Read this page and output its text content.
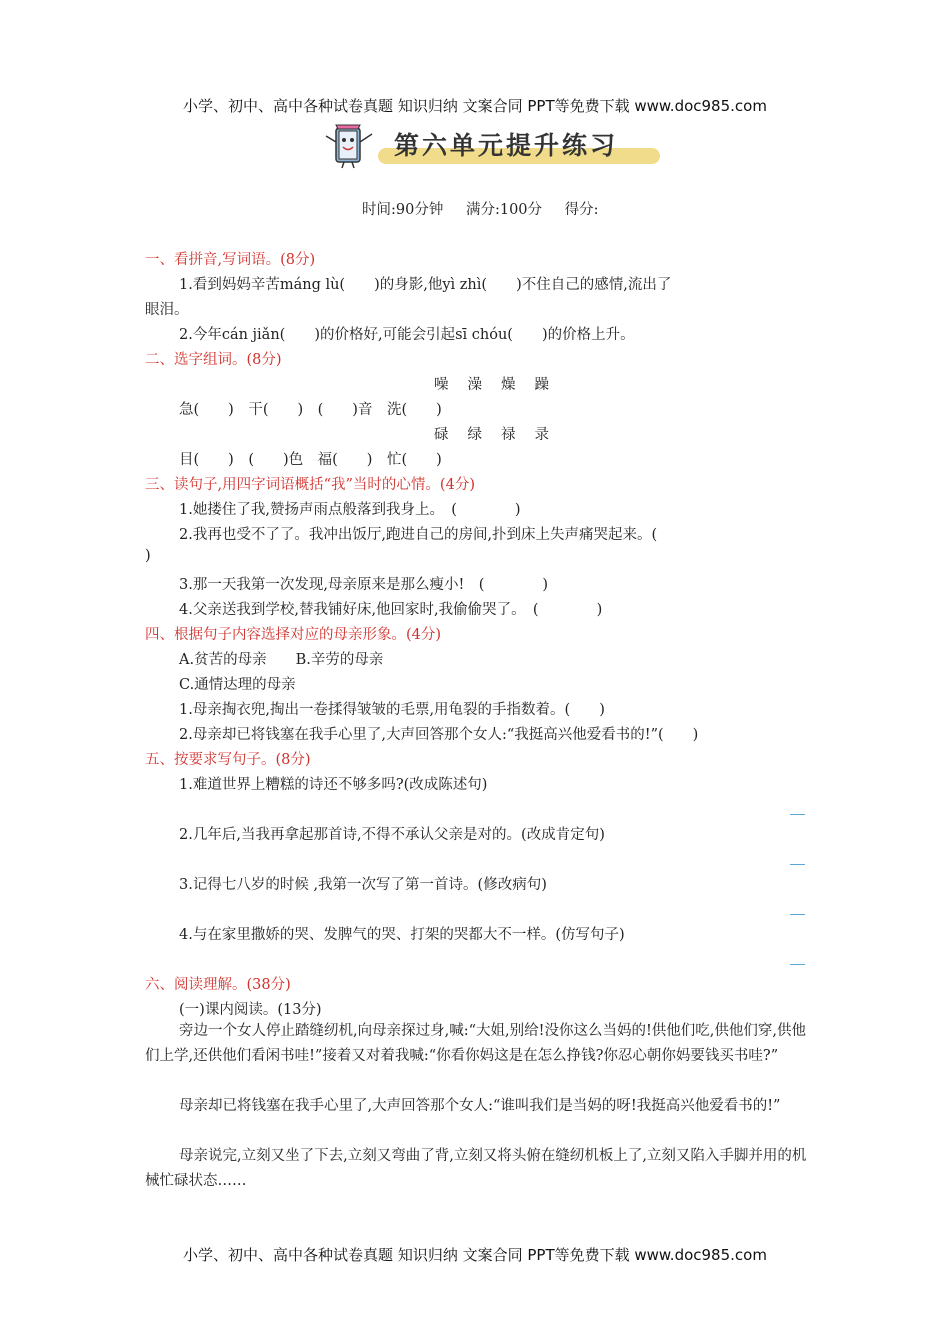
小学、初中、高中各种试卷真题 知识归纳 文案合同 PPT等免费下载 www.doc985.com
第六单元提升练习
时间:90分钟 满分:100分 得分:
一、看拼音,写词语。(8分)
1.看到妈妈辛苦máng lù(　　)的身影,他yì zhì(　　)不住自己的感情,流出了
眼泪。
2.今年cán jiǎn(　　)的价格好,可能会引起sī chóu(　　)的价格上升。
二、选字组词。(8分)
噪 澡 燥 躁
急(　　)　干(　　)　(　　)音　洗(　　)
碌 绿 禄 录
目(　　)　(　　)色　福(　　)　忙(　　)
三、读句子,用四字词语概括“我”当时的心情。(4分)
1.她搂住了我,赞扬声雨点般落到我身上。　(　　　　)
2.我再也受不了了。我冲出饭厅,跑进自己的房间,扑到床上失声痛哭起来。(
)
3.那一天我第一次发现,母亲原来是那么瘦小!　(　　　　)
4.父亲送我到学校,替我铺好床,他回家时,我偷偷哭了。　(　　　　)
四、根据句子内容选择对应的母亲形象。(4分)
A.贫苦的母亲　　B.辛劳的母亲
C.通情达理的母亲
1.母亲掏衣兜,掏出一卷揉得皱皱的毛票,用龟裂的手指数着。(　　)
2.母亲却已将钱塞在我手心里了,大声回答那个女人:“我挺高兴他爱看书的!”(　　)
五、按要求写句子。(8分)
1.难道世界上糟糕的诗还不够多吗?(改成陈述句)
2.几年后,当我再拿起那首诗,不得不承认父亲是对的。(改成肯定句)
3.记得七八岁的时候 ,我第一次写了第一首诗。(修改病句)
4.与在家里撒娇的哭、发脾气的哭、打架的哭都大不一样。(仿写句子)
六、阅读理解。(38分)
(一)课内阅读。(13分)
旁边一个女人停止踏缝纫机,向母亲探过身,喊:“大姐,别给!没你这么当妈的!供他们吃,供他们穿,供他们上学,还供他们看闲书哇!”接着又对着我喊:“你看你妈这是在怎么挣钱?你忍心朝你妈要钱买书哇?”
母亲却已将钱塞在我手心里了,大声回答那个女人:“谁叫我们是当妈的呀!我挺高兴他爱看书的!”
母亲说完,立刻又坐了下去,立刻又弯曲了背,立刻又将头俯在缝纫机板上了,立刻又陷入手脚并用的机械忙碌状态……
小学、初中、高中各种试卷真题 知识归纳 文案合同 PPT等免费下载 www.doc985.com
